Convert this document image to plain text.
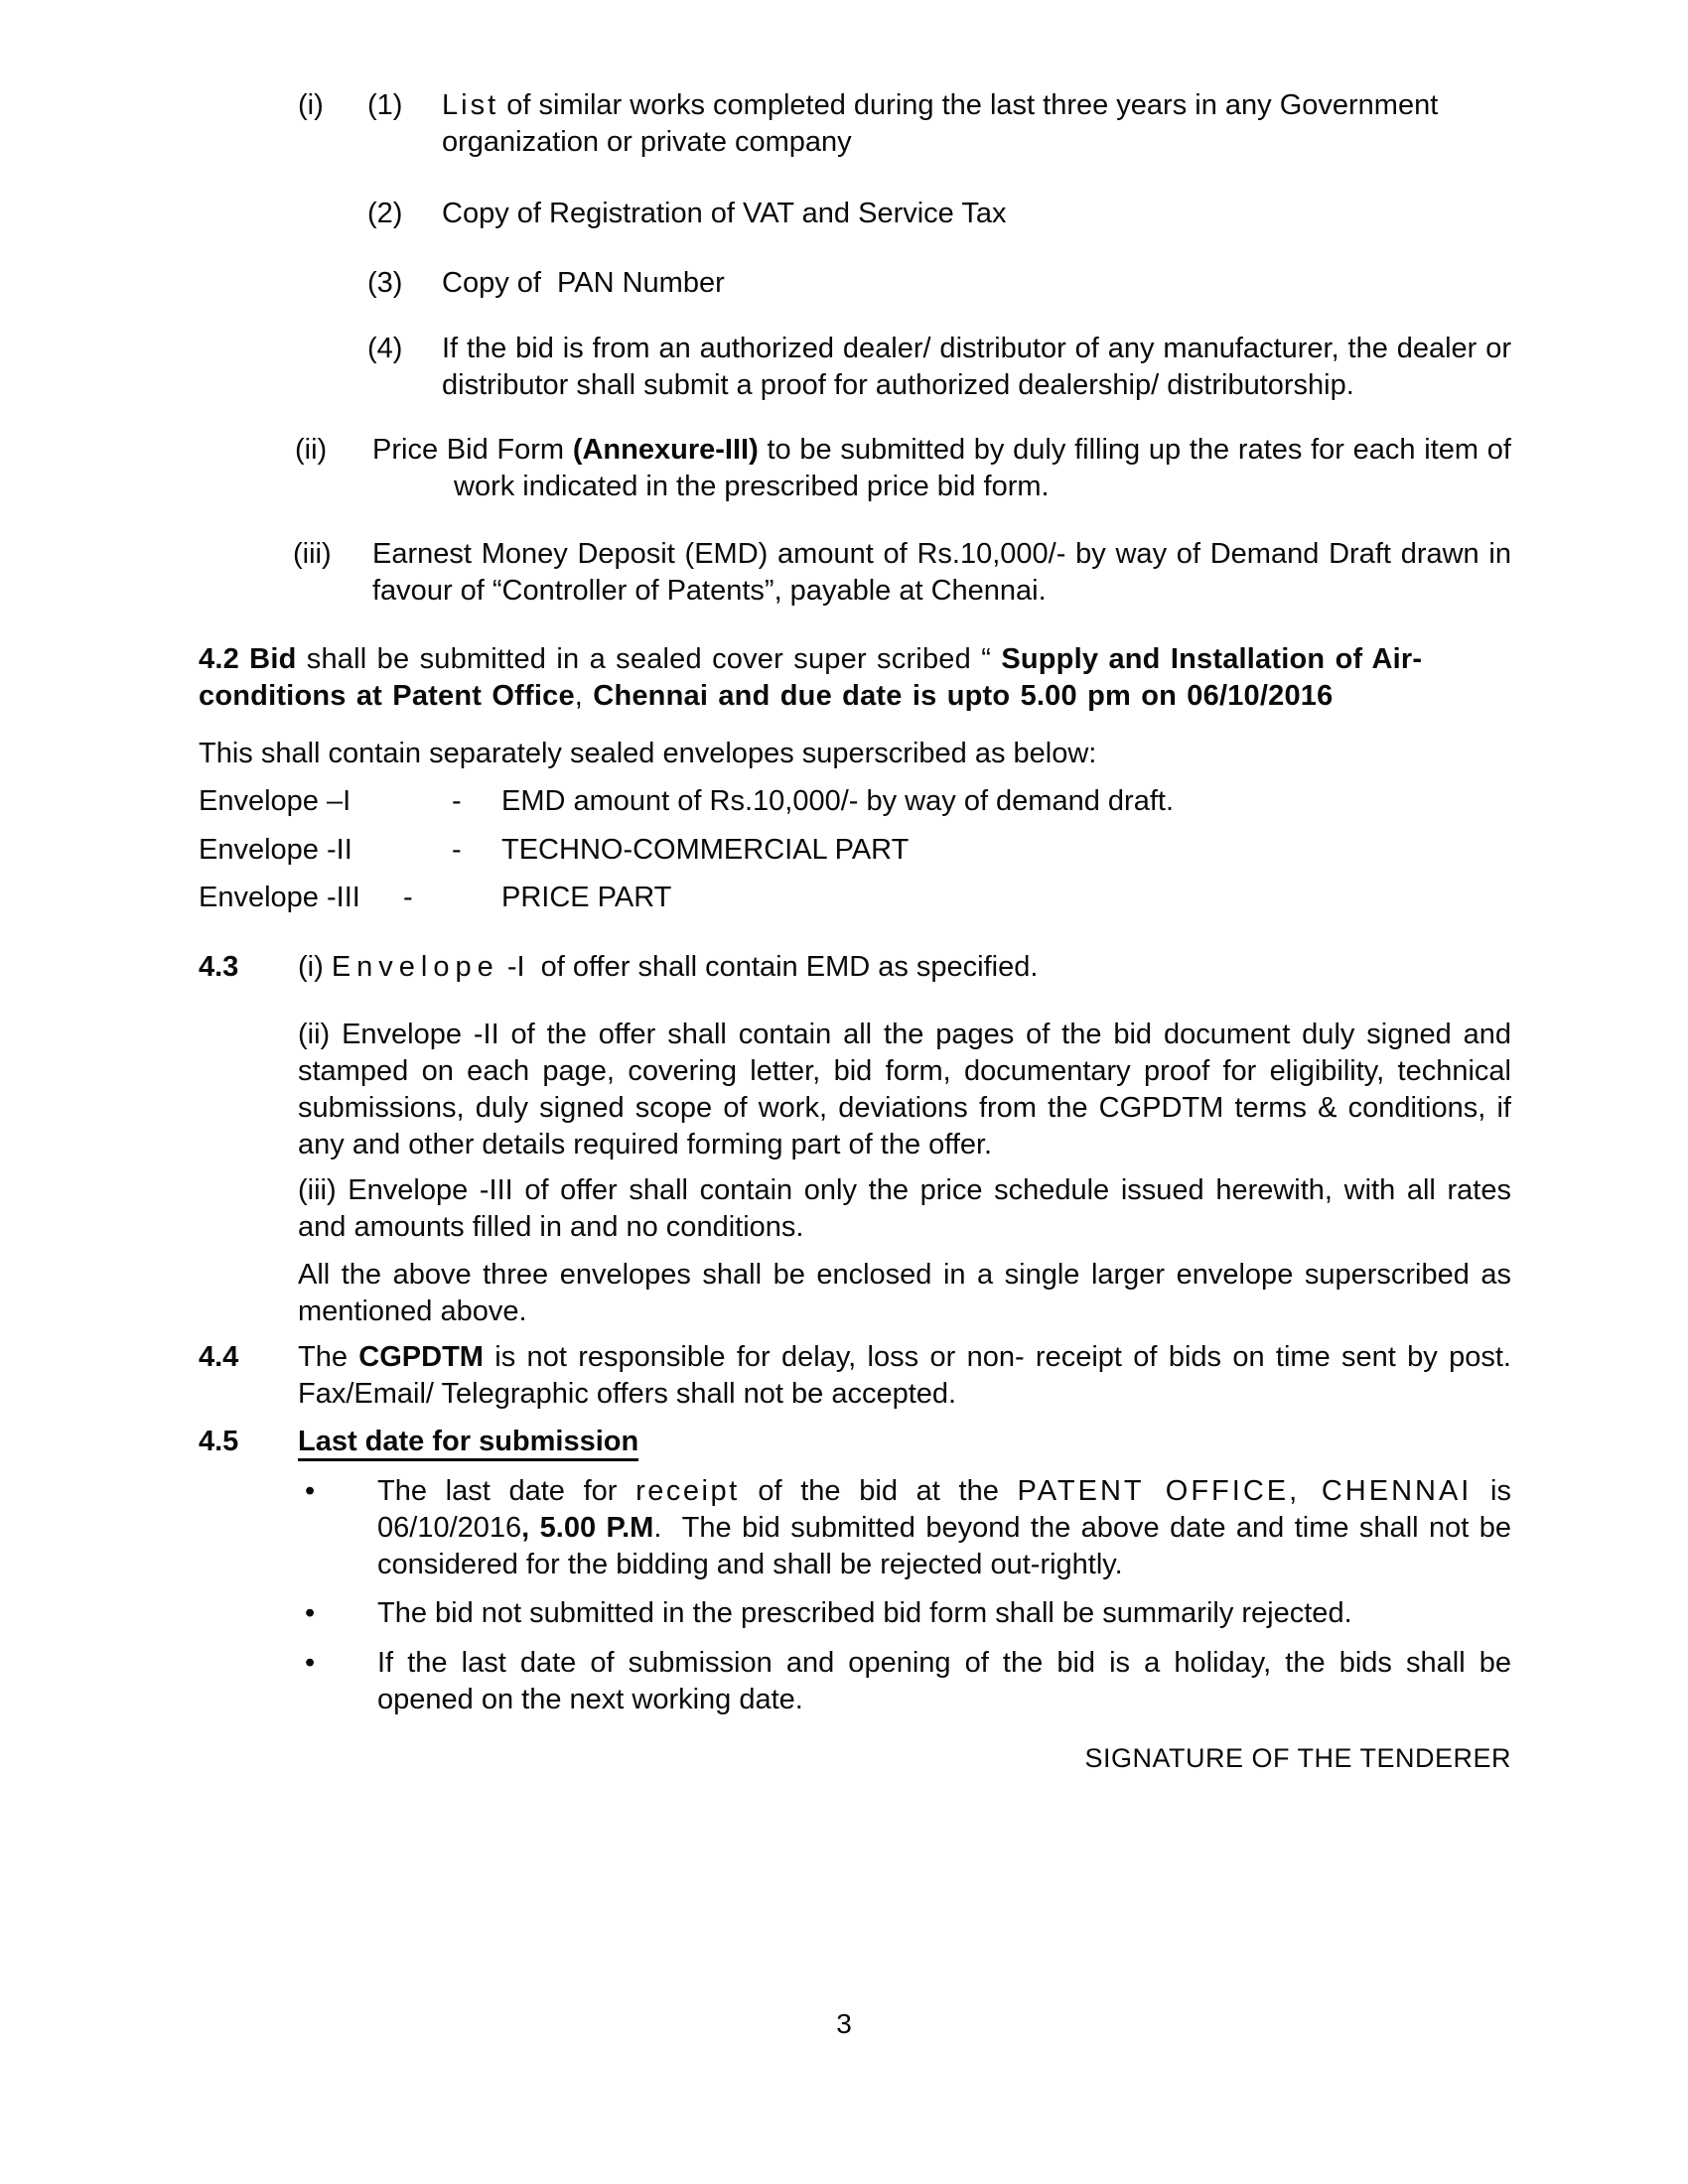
(i) (1) List of similar works completed during the last three years in any Government organization or private company
(2) Copy of Registration of VAT and Service Tax
(3) Copy of  PAN Number
(4) If the bid is from an authorized dealer/ distributor of any manufacturer, the dealer or distributor shall submit a proof for authorized dealership/ distributorship.
(ii) Price Bid Form (Annexure-III) to be submitted by duly filling up the rates for each item of work indicated in the prescribed price bid form.
(iii) Earnest Money Deposit (EMD) amount of Rs.10,000/- by way of Demand Draft drawn in favour of “Controller of Patents”, payable at Chennai.
4.2 Bid shall be submitted in a sealed cover super scribed “ Supply and Installation of Air- conditions at Patent Office, Chennai and due date is upto 5.00 pm on 06/10/2016
This shall contain separately sealed envelopes superscribed as below:
Envelope –I	- EMD amount of Rs.10,000/- by way of demand draft.
Envelope -II	- TECHNO-COMMERCIAL PART
Envelope -III -	PRICE PART
4.3 (i) Envelope -I  of offer shall contain EMD as specified.
(ii) Envelope -II of the offer shall contain all the pages of the bid document duly signed and stamped on each page, covering letter, bid form, documentary proof for eligibility, technical submissions, duly signed scope of work, deviations from the CGPDTM terms & conditions, if any and other details required forming part of the offer.
(iii) Envelope -III of offer shall contain only the price schedule issued herewith, with all rates and amounts filled in and no conditions.
All the above three envelopes shall be enclosed in a single larger envelope superscribed as mentioned above.
4.4 The CGPDTM is not responsible for delay, loss or non- receipt of bids on time sent by post. Fax/Email/ Telegraphic offers shall not be accepted.
4.5 Last date for submission
• The last date for receipt of the bid at the PATENT OFFICE, CHENNAI is 06/10/2016, 5.00 P.M.  The bid submitted beyond the above date and time shall not be considered for the bidding and shall be rejected out-rightly.
• The bid not submitted in the prescribed bid form shall be summarily rejected.
• If the last date of submission and opening of the bid is a holiday, the bids shall be opened on the next working date.
SIGNATURE OF THE TENDERER
3
